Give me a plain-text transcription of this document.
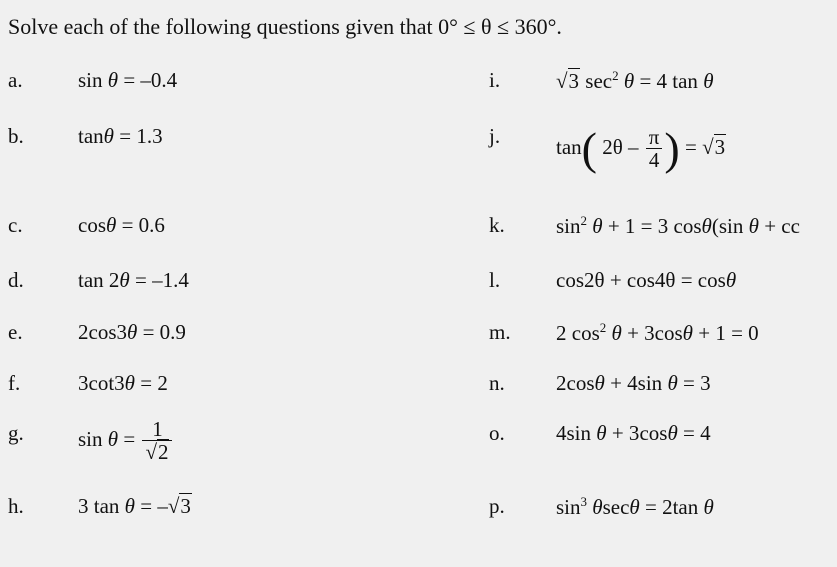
Solve each of the following questions given that 0° ≤ θ ≤ 360°.
a.	sin θ = –0.4
b.	tanθ = 1.3
c.	cosθ = 0.6
d.	tan 2θ = –1.4
e.	2cos3θ = 0.9
f.	3cot3θ = 2
g.	$\sin \theta = \frac{1}{√2}$
h.	3 tan θ = –√3
i.	√3 $\sec^2 \theta = 4$ tan θ
j.	tan( $2\theta - \frac{\pi}{4}$ ) = √3
k. $\sin^2 \theta + 1 = 3$ cosθ(sin θ + cc
l.	cos2θ + cos4θ = cosθ
m. 2 $\cos^2 \theta + 3\cos\theta + 1 = 0$
n. 2cosθ + 4sin θ = 3
o. 4sin θ + 3cosθ = 4
p. $\sin^3 \theta\sec\theta = 2\tan$ θ
